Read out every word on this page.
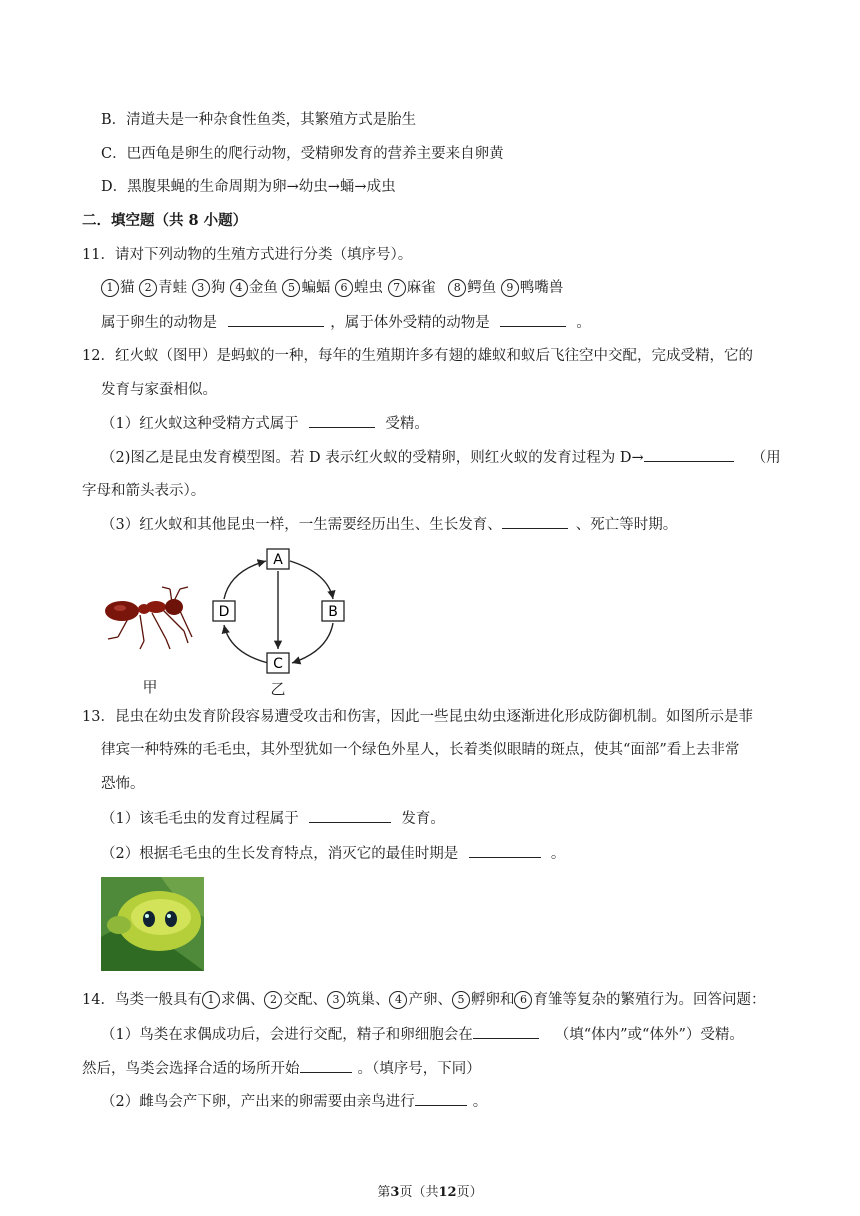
B．清道夫是一种杂食性鱼类，其繁殖方式是胎生
C．巴西龟是卵生的爬行动物，受精卵发育的营养主要来自卵黄
D．黑腹果蝇的生命周期为卵→幼虫→蛹→成虫
二．填空题（共 8 小题）
11．请对下列动物的生殖方式进行分类（填序号）。
1 猫 2 青蛙 3 狗 4 金鱼 5 蝙蝠 6 蝗虫 7 麻雀 8 鳄鱼 9 鸭嘴兽
属于卵生的动物是	，属于体外受精的动物是	。
12．红火蚁（图甲）是蚂蚁的一种，每年的生殖期许多有翅的雄蚁和蚁后飞往空中交配，完成受精，它的
发育与家蚕相似。
（1）红火蚁这种受精方式属于	受精。
（2)图乙是昆虫发育模型图。若 D 表示红火蚁的受精卵，则红火蚁的发育过程为 D→	（用
字母和箭头表示）。
（3）红火蚁和其他昆虫一样，一生需要经历出生、生长发育、	、死亡等时期。
甲
A
B
C
D
乙
13．昆虫在幼虫发育阶段容易遭受攻击和伤害，因此一些昆虫幼虫逐渐进化形成防御机制。如图所示是菲
律宾一种特殊的毛毛虫，其外型犹如一个绿色外星人，长着类似眼睛的斑点，使其“面部”看上去非常
恐怖。
（1）该毛毛虫的发育过程属于	发育。
（2）根据毛毛虫的生长发育特点，消灭它的最佳时期是	。
14．鸟类一般具有 1 求偶、 2 交配、 3 筑巢、 4 产卵、 5 孵卵和 6 育雏等复杂的繁殖行为。回答问题：
（1）鸟类在求偶成功后，会进行交配，精子和卵细胞会在	（填“体内”或“体外”）受精。
然后，鸟类会选择合适的场所开始	。（填序号，下同）
（2）雌鸟会产下卵，产出来的卵需要由亲鸟进行	。
第3页（共12页）
